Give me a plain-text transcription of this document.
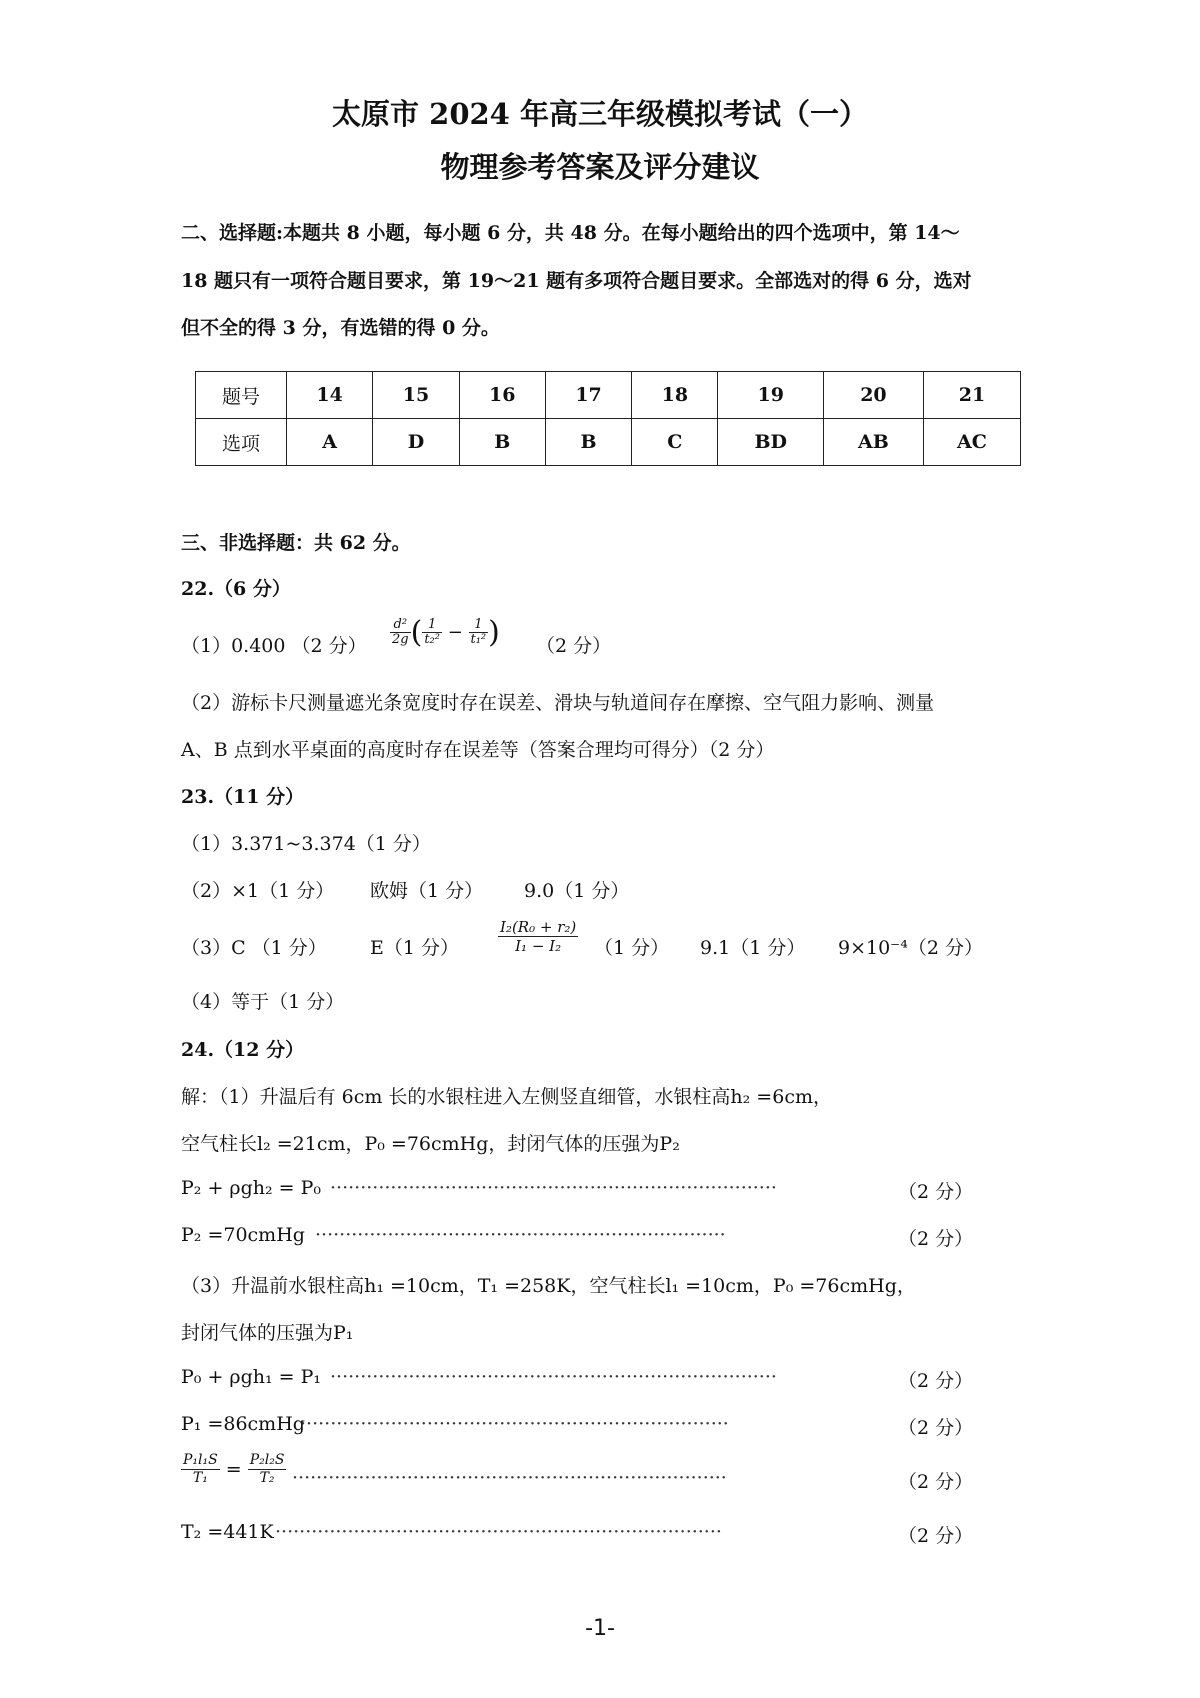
太原市 2024 年高三年级模拟考试（一）
物理参考答案及评分建议
二、选择题:本题共 8 小题，每小题 6 分，共 48 分。在每小题给出的四个选项中，第 14～
18 题只有一项符合题目要求，第 19～21 题有多项符合题目要求。全部选对的得 6 分，选对
但不全的得 3 分，有选错的得 0 分。
题号	14	15	16	17	18	19	20	21
选项	A	D	B	B	C	BD	AB	AC
三、非选择题：共 62 分。
22.（6 分）
（1）0.400 （2 分） $\frac{\text{d²}}{2g}$ ( $\frac{1}{\text{t₂²}} - \frac{1}{\text{t₁²}}$ ) （2 分）
（2）游标卡尺测量遮光条宽度时存在误差、滑块与轨道间存在摩擦、空气阻力影响、测量
A、B 点到水平桌面的高度时存在误差等（答案合理均可得分）（2 分）
23.（11 分）
（1）3.371~3.374（1 分）
（2）×1（1 分） 欧姆（1 分） 9.0（1 分）
（3）C （1 分） E（1 分）	$\frac{\text{I₂(R₀ + r₂)}}{\text{I₁ − I₂}} (1$ 分） 9.1（1 分） 9×10⁻⁴（2 分）
（4）等于（1 分）
24.（12 分）
解：（1）升温后有 6cm 长的水银柱进入左侧竖直细管，水银柱高h₂ =6cm，
空气柱长l₂ =21cm，P₀ =76cmHg，封闭气体的压强为P₂
P₂ + ρgh₂ = P₀ ··········································································	（2 分）
P₂ =70cmHg ····································································	（2 分）
（3）升温前水银柱高h₁ =10cm，T₁ =258K，空气柱长l₁ =10cm，P₀ =76cmHg，
封闭气体的压强为P₁
P₀ + ρgh₁ = P₁ ··········································································	（2 分）
P₁ =86cmHg
·······································································	（2 分）
$\frac{\text{P₁l₁S}}{\text{T₁}} = \frac{\text{P₂l₂S}}{\text{T₂}}$ ········································································	（2 分）
T₂ =441K ··········································································	（2 分）
-1-
